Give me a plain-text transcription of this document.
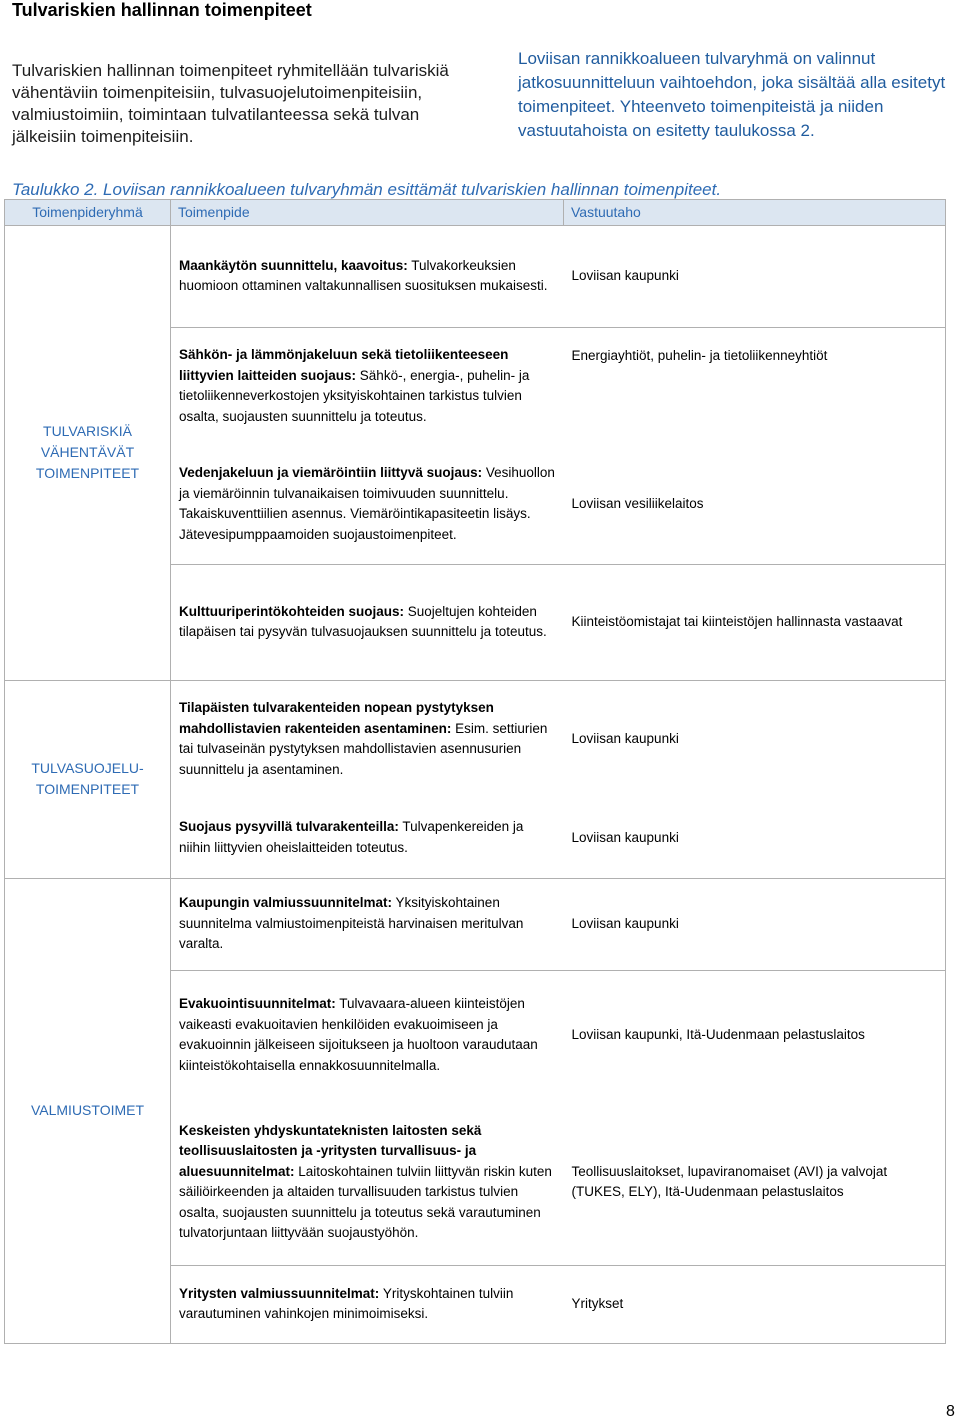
Tulvariskien hallinnan toimenpiteet
Tulvariskien hallinnan toimenpiteet ryhmitellään tulvariskiä vähentäviin toimenpiteisiin, tulvasuojelutoimenpiteisiin, valmiustoimiin, toimintaan tulvatilanteessa sekä tulvan jälkeisiin toimenpiteisiin.
Loviisan rannikkoalueen tulvaryhmä on valinnut jatkosuunnitteluun vaihtoehdon, joka sisältää alla esitetyt toimenpiteet. Yhteenveto toimenpiteistä ja niiden vastuutahoista on esitetty taulukossa 2.
Taulukko 2. Loviisan rannikkoalueen tulvaryhmän esittämät tulvariskien hallinnan toimenpiteet.
Toimenpideryhmä	Toimenpide	Vastuutaho
TULVARISKIÄ VÄHENTÄVÄT TOIMENPITEET	Maankäytön suunnittelu, kaavoitus: Tulvakorkeuksien huomioon ottaminen valtakunnallisen suosituksen mukaisesti.	Loviisan kaupunki
	Sähkön- ja lämmönjakeluun sekä tietoliikenteeseen liittyvien laitteiden suojaus: Sähkö-, energia-, puhelin- ja tietoliikenneverkostojen yksityiskohtainen tarkistus tulvien osalta, suojausten suunnittelu ja toteutus.	Energiayhtiöt, puhelin- ja tietoliikenneyhtiöt
	Vedenjakeluun ja viemäröintiin liittyvä suojaus: Vesihuollon ja viemäröinnin tulvanaikaisen toimivuuden suunnittelu. Takaiskuventtiilien asennus. Viemäröintikapasiteetin lisäys. Jätevesipumppaamoiden suojaustoimenpiteet.	Loviisan vesiliikelaitos
	Kulttuuriperintökohteiden suojaus: Suojeltujen kohteiden tilapäisen tai pysyvän tulvasuojauksen suunnittelu ja toteutus.	Kiinteistöomistajat tai kiinteistöjen hallinnasta vastaavat
TULVASUOJELU-TOIMENPITEET	Tilapäisten tulvarakenteiden nopean pystytyksen mahdollistavien rakenteiden asentaminen: Esim. settiurien tai tulvaseinän pystytyksen mahdollistavien asennusurien suunnittelu ja asentaminen.	Loviisan kaupunki
	Suojaus pysyvillä tulvarakenteilla: Tulvapenkereiden ja niihin liittyvien oheislaitteiden toteutus.	Loviisan kaupunki
VALMIUSTOIMET	Kaupungin valmiussuunnitelmat: Yksityiskohtainen suunnitelma valmiustoimenpiteistä harvinaisen meritulvan varalta.	Loviisan kaupunki
	Evakuointisuunnitelmat: Tulvavaara-alueen kiinteistöjen vaikeasti evakuoitavien henkilöiden evakuoimiseen ja evakuoinnin jälkeiseen sijoitukseen ja huoltoon varaudutaan kiinteistökohtaisella ennakkosuunnitelmalla.	Loviisan kaupunki, Itä-Uudenmaan pelastuslaitos
	Keskeisten yhdyskuntateknisten laitosten sekä teollisuuslaitosten ja -yritysten turvallisuus- ja aluesuunnitelmat: Laitoskohtainen tulviin liittyvän riskin kuten säiliöirkeenden ja altaiden turvallisuuden tarkistus tulvien osalta, suojausten suunnittelu ja toteutus sekä varautuminen tulvatorjuntaan liittyvään suojaustyöhön.	Teollisuuslaitokset, lupaviranomaiset (AVI) ja valvojat (TUKES, ELY), Itä-Uudenmaan pelastuslaitos
	Yritysten valmiussuunnitelmat: Yrityskohtainen tulviin varautuminen vahinkojen minimoimiseksi.	Yritykset
8
